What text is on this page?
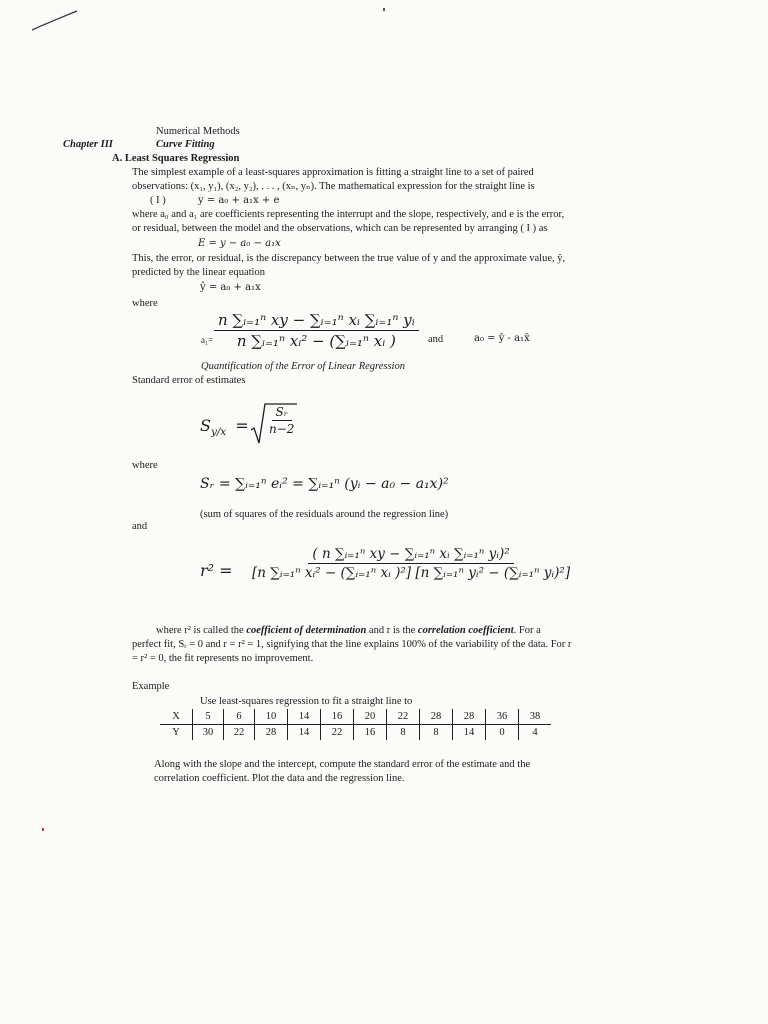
Numerical Methods
Chapter III	Curve Fitting
A. Least Squares Regression
The simplest example of a least-squares approximation is fitting a straight line to a set of paired
observations: (x₁, y₁), (x₂, y₂), . . . , (xₙ, yₙ). The mathematical expression for the straight line is
( I )	y = a₀ + a₁x + e
where a₀ and a₁ are coefficients representing the interrupt and the slope, respectively, and e is the error,
or residual, between the model and the observations, which can be represented by arranging ( I ) as
E = y − a₀ − a₁x
This, the error, or residual, is the discrepancy between the true value of y and the approximate value, ŷ,
predicted by the linear equation
ŷ = a₀ + a₁x
where
$a_1= \frac{\text{n ∑ᵢ₌₁ⁿ xy − ∑ᵢ₌₁ⁿ xᵢ ∑ᵢ₌₁ⁿ yᵢ}}{\text{n ∑ᵢ₌₁ⁿ xᵢ² − (∑ᵢ₌₁ⁿ xᵢ )}}$ and	a₀ = ȳ - a₁x̄
Quantification of the Error of Linear Regression
Standard error of estimates
$S_{y/x} = \frac{\text{Sᵣ}}{n-2}$
where
Sᵣ = ∑ᵢ₌₁ⁿ eᵢ² = ∑ᵢ₌₁ⁿ (yᵢ − a₀ − a₁x)²
(sum of squares of the residuals around the regression line)
and
$r^2 = \frac{\text{( n ∑ᵢ₌₁ⁿ xy − ∑ᵢ₌₁ⁿ xᵢ ∑ᵢ₌₁ⁿ yᵢ)²}}{\text{[n ∑ᵢ₌₁ⁿ xᵢ² − (∑ᵢ₌₁ⁿ xᵢ )²] [n ∑ᵢ₌₁ⁿ yᵢ² − (∑ᵢ₌₁ⁿ yᵢ)²]}}$
where r² is called the coefficient of determination and r is the correlation coefficient. For a
perfect fit, Sᵣ = 0 and r = r² = 1, signifying that the line explains 100% of the variability of the data. For r
= r² = 0, the fit represents no improvement.
Example
Use least-squares regression to fit a straight line to
X	5	6	10	14	16	20	22	28	28	36	38
Y	30	22	28	14	22	16	8	8	14	0	4
Along with the slope and the intercept, compute the standard error of the estimate and the
correlation coefficient. Plot the data and the regression line.
